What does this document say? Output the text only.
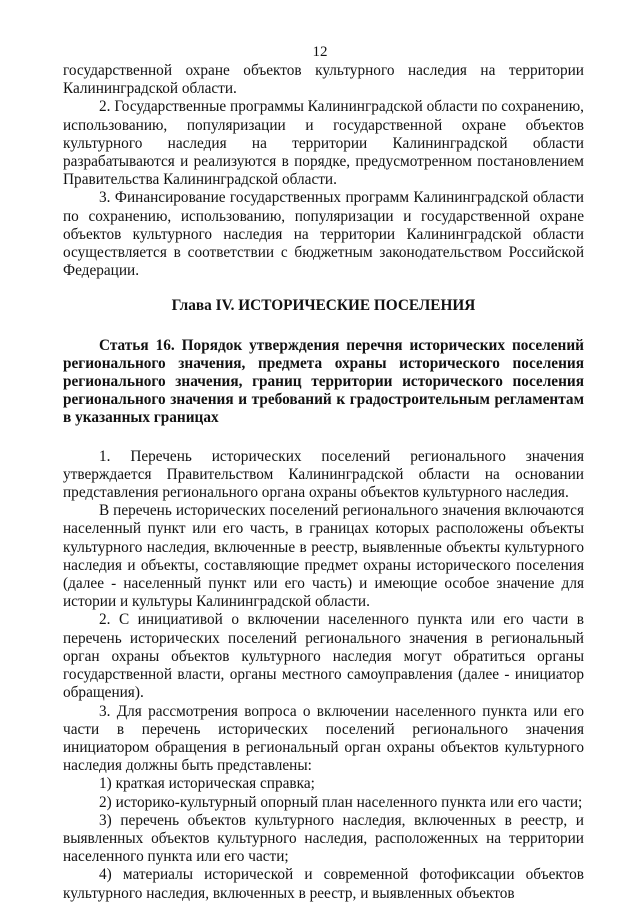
12

государственной охране объектов культурного наследия на территории Калининградской области.

2. Государственные программы Калининградской области по сохранению, использованию, популяризации и государственной охране объектов культурного наследия на территории Калининградской области разрабатываются и реализуются в порядке, предусмотренном постановлением Правительства Калининградской области.

3. Финансирование государственных программ Калининградской области по сохранению, использованию, популяризации и государственной охране объектов культурного наследия на территории Калининградской области осуществляется в соответствии с бюджетным законодательством Российской Федерации.

Глава IV. ИСТОРИЧЕСКИЕ ПОСЕЛЕНИЯ

Статья 16. Порядок утверждения перечня исторических поселений регионального значения, предмета охраны исторического поселения регионального значения, границ территории исторического поселения регионального значения и требований к градостроительным регламентам в указанных границах

1. Перечень исторических поселений регионального значения утверждается Правительством Калининградской области на основании представления регионального органа охраны объектов культурного наследия.

В перечень исторических поселений регионального значения включаются населенный пункт или его часть, в границах которых расположены объекты культурного наследия, включенные в реестр, выявленные объекты культурного наследия и объекты, составляющие предмет охраны исторического поселения (далее - населенный пункт или его часть) и имеющие особое значение для истории и культуры Калининградской области.

2. С инициативой о включении населенного пункта или его части в перечень исторических поселений регионального значения в региональный орган охраны объектов культурного наследия могут обратиться органы государственной власти, органы местного самоуправления (далее - инициатор обращения).

3. Для рассмотрения вопроса о включении населенного пункта или его части в перечень исторических поселений регионального значения инициатором обращения в региональный орган охраны объектов культурного наследия должны быть представлены:

1) краткая историческая справка;

2) историко-культурный опорный план населенного пункта или его части;

3) перечень объектов культурного наследия, включенных в реестр, и выявленных объектов культурного наследия, расположенных на территории населенного пункта или его части;

4) материалы исторической и современной фотофиксации объектов культурного наследия, включенных в реестр, и выявленных объектов
